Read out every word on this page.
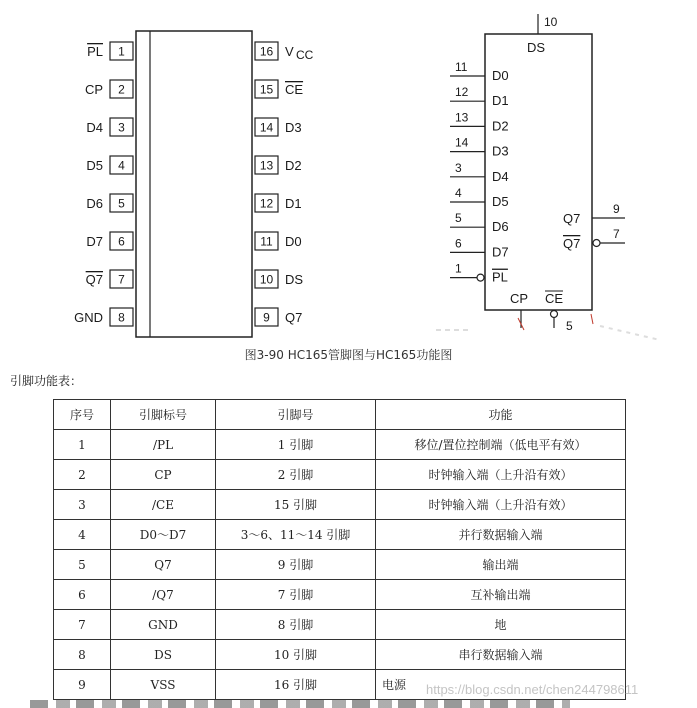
1
PL
2
CP
3
D4
4
D5
5
D6
6
D7
7
Q7
8
GND
16 V CC
15 CE
14 D3
13 D2
12 D1
11 D0
10 DS
9 Q7
10
DS
11
D0
12
D1
13
D2
14
D3
3
D4
4
D5
5
D6
6
D7
1
PL
9
Q7
7
Q7
CP CE
5
图3-90 HC165管脚图与HC165功能图
引脚功能表：
序号	引脚标号	引脚号	功能
1	/PL	1 引脚	移位/置位控制端（低电平有效）
2	CP	2 引脚	时钟输入端（上升沿有效）
3	/CE	15 引脚	时钟输入端（上升沿有效）
4	D0～D7	3～6、11～14 引脚	并行数据输入端
5	Q7	9 引脚	输出端
6	/Q7	7 引脚	互补输出端
7	GND	8 引脚	地
8	DS	10 引脚	串行数据输入端
9	VSS	16 引脚	电源 https://blog.csdn.net/chen244798611
